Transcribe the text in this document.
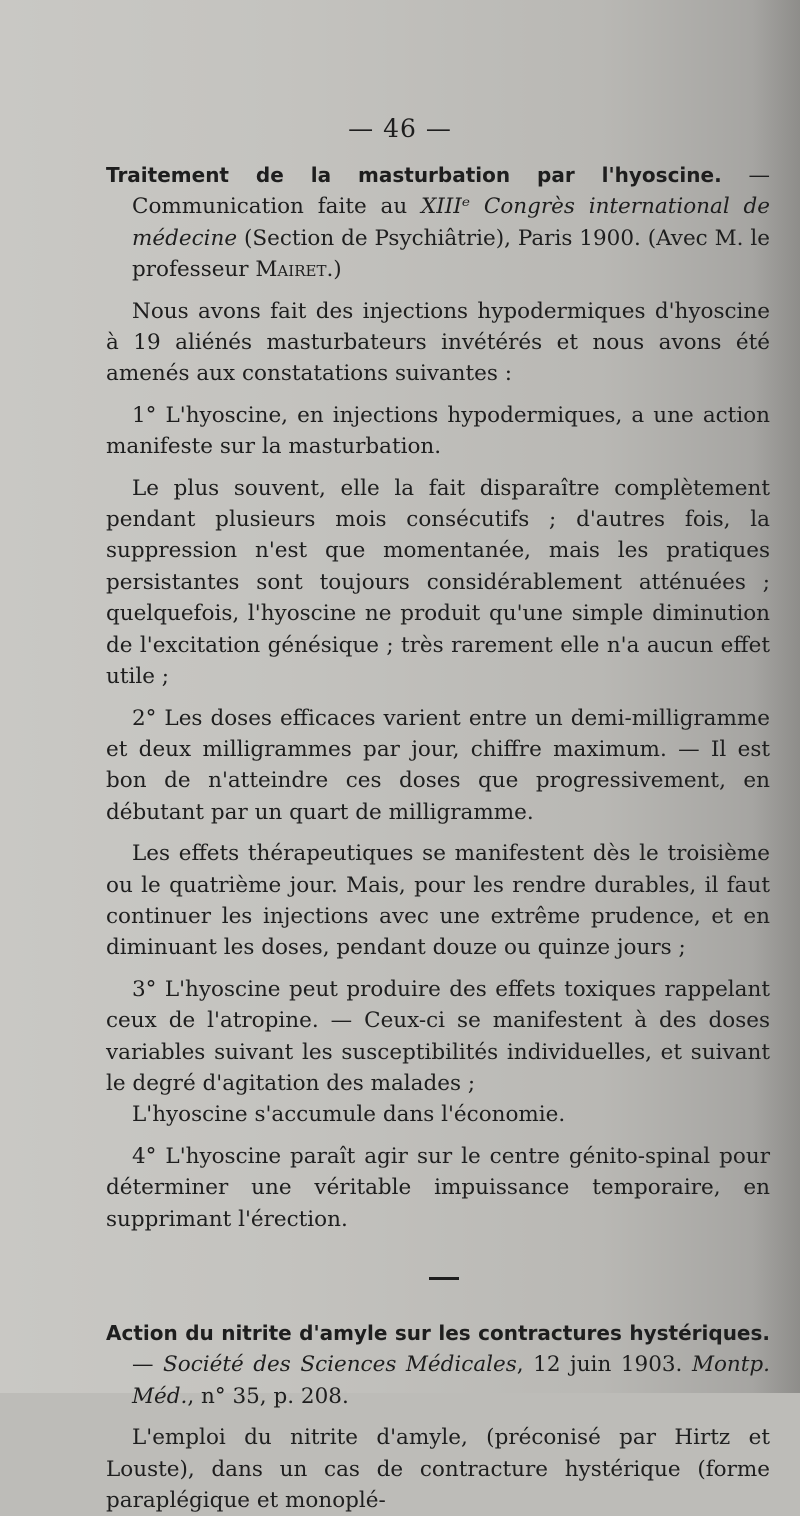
— 46 —

Traitement de la masturbation par l'hyoscine. — Communication faite au XIIIᵉ Congrès international de médecine (Section de Psychiâtrie), Paris 1900. (Avec M. le professeur Mairet.)

Nous avons fait des injections hypodermiques d'hyoscine à 19 aliénés masturbateurs invétérés et nous avons été amenés aux constatations suivantes :

1° L'hyoscine, en injections hypodermiques, a une action manifeste sur la masturbation.

Le plus souvent, elle la fait disparaître complètement pendant plusieurs mois consécutifs ; d'autres fois, la suppression n'est que momentanée, mais les pratiques persistantes sont toujours considérablement atténuées ; quelquefois, l'hyoscine ne produit qu'une simple diminution de l'excitation génésique ; très rarement elle n'a aucun effet utile ;

2° Les doses efficaces varient entre un demi-milligramme et deux milligrammes par jour, chiffre maximum. — Il est bon de n'atteindre ces doses que progressivement, en débutant par un quart de milligramme.

Les effets thérapeutiques se manifestent dès le troisième ou le quatrième jour. Mais, pour les rendre durables, il faut continuer les injections avec une extrême prudence, et en diminuant les doses, pendant douze ou quinze jours ;

3° L'hyoscine peut produire des effets toxiques rappelant ceux de l'atropine. — Ceux-ci se manifestent à des doses variables suivant les susceptibilités individuelles, et suivant le degré d'agitation des malades ;

L'hyoscine s'accumule dans l'économie.

4° L'hyoscine paraît agir sur le centre génito-spinal pour déterminer une véritable impuissance temporaire, en supprimant l'érection.

Action du nitrite d'amyle sur les contractures hystériques. — Société des Sciences Médicales, 12 juin 1903. Montp. Méd., n° 35, p. 208.

L'emploi du nitrite d'amyle, (préconisé par Hirtz et Louste), dans un cas de contracture hystérique (forme paraplégique et monoplé-
